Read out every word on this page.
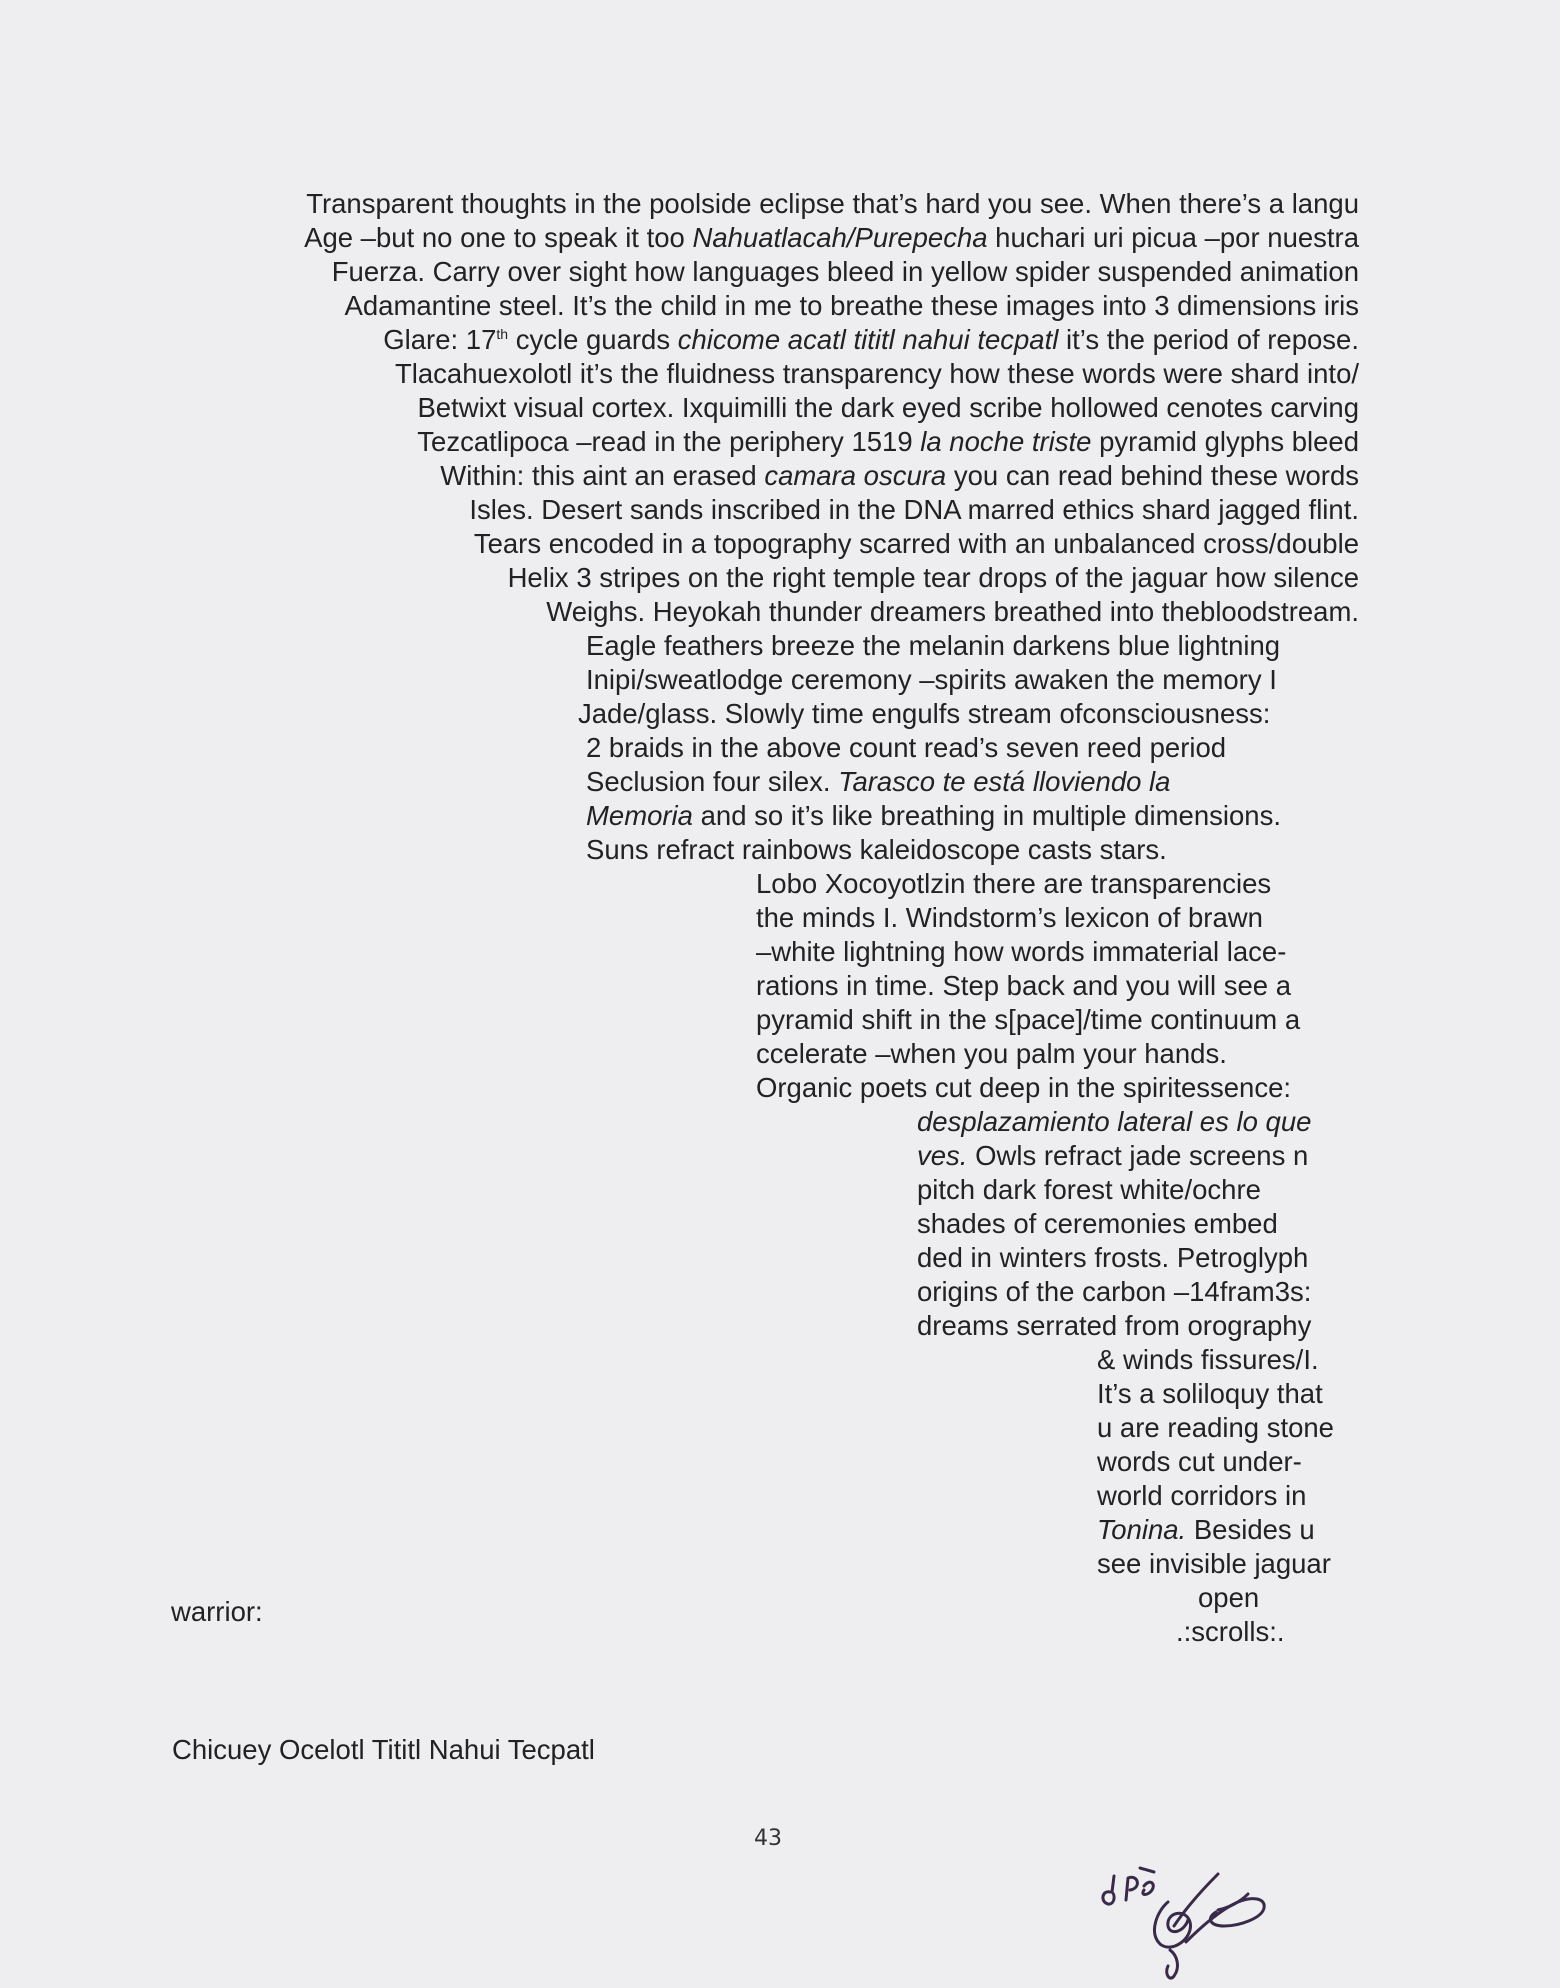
Transparent thoughts in the poolside eclipse that’s hard you see. When there’s a langu
Age –but no one to speak it too Nahuatlacah/Purepecha huchari uri picua –por nuestra
Fuerza. Carry over sight how languages bleed in yellow spider suspended animation
Adamantine steel. It’s the child in me to breathe these images into 3 dimensions iris
Glare: 17th cycle guards chicome acatl tititl nahui tecpatl it’s the period of repose.
Tlacahuexolotl it’s the fluidness transparency how these words were shard into/
Betwixt visual cortex. Ixquimilli the dark eyed scribe hollowed cenotes carving
Tezcatlipoca –read in the periphery 1519 la noche triste pyramid glyphs bleed
Within: this aint an erased camara oscura you can read behind these words
Isles. Desert sands inscribed in the DNA marred ethics shard jagged flint.
Tears encoded in a topography scarred with an unbalanced cross/double
Helix 3 stripes on the right temple tear drops of the jaguar how silence
Weighs. Heyokah thunder dreamers breathed into thebloodstream.
Eagle feathers breeze the melanin darkens blue lightning
Inipi/sweatlodge ceremony –spirits awaken the memory I
Jade/glass. Slowly time engulfs stream ofconsciousness:
2 braids in the above count read’s seven reed period
Seclusion four silex. Tarasco te está lloviendo la
Memoria and so it’s like breathing in multiple dimensions.
Suns refract rainbows kaleidoscope casts stars.
Lobo Xocoyotlzin there are transparencies
the minds I. Windstorm’s lexicon of brawn
–white lightning how words immaterial lace-
rations in time. Step back and you will see a
pyramid shift in the s[pace]/time continuum a
ccelerate –when you palm your hands.
Organic poets cut deep in the spiritessence:
desplazamiento lateral es lo que
ves. Owls refract jade screens n
pitch dark forest white/ochre
shades of ceremonies embed
ded in winters frosts. Petroglyph
origins of the carbon –14fram3s:
dreams serrated from orography
& winds fissures/I.
It’s a soliloquy that
u are reading stone
words cut under-
world corridors in
Tonina. Besides u
see invisible jaguar
open
.:scrolls:.
warrior:
Chicuey Ocelotl Tititl Nahui Tecpatl
43
